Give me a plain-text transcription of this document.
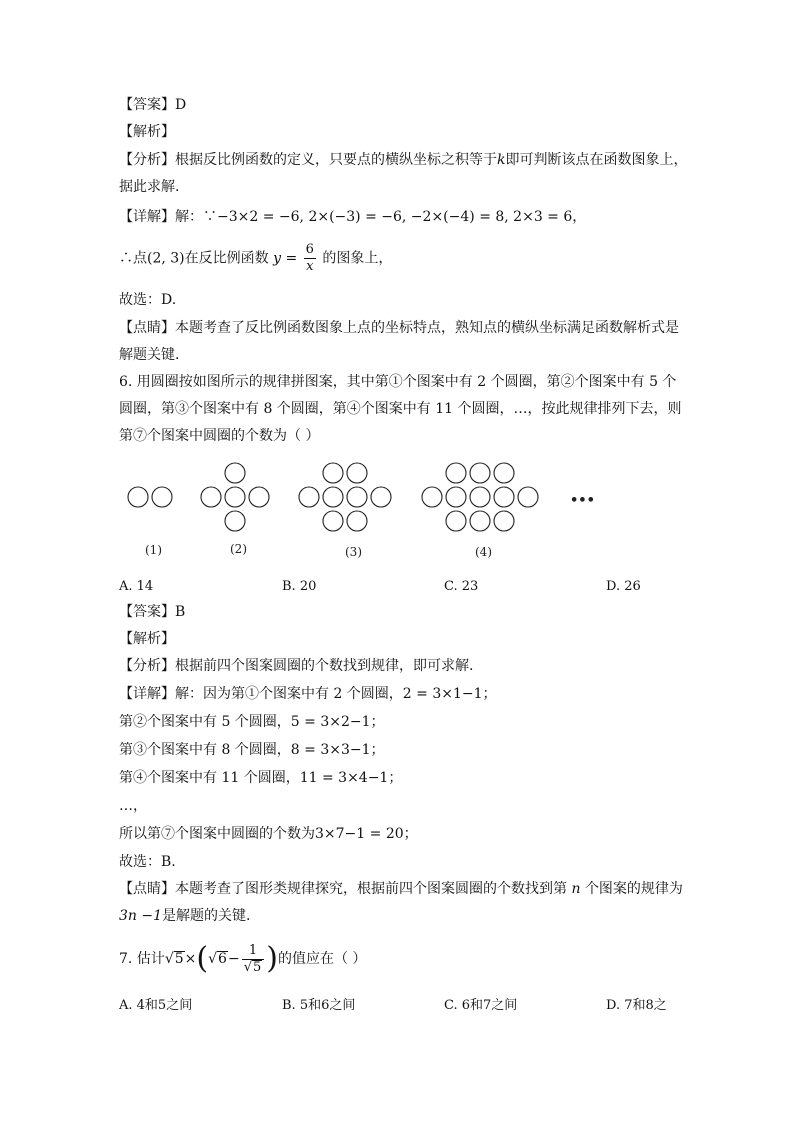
【答案】D
【解析】
【分析】根据反比例函数的定义，只要点的横纵坐标之积等于k即可判断该点在函数图象上，
据此求解.
【详解】解：∵−3×2 = −6, 2×(−3) = −6, −2×(−4) = 8, 2×3 = 6，
∴点(2, 3)在反比例函数 $y = \frac{6}{x}$ 的图象上，
故选：D.
【点睛】本题考查了反比例函数图象上点的坐标特点，熟知点的横纵坐标满足函数解析式是
解题关键.
6. 用圆圈按如图所示的规律拼图案，其中第①个图案中有 2 个圆圈，第②个图案中有 5 个
圆圈，第③个图案中有 8 个圆圈，第④个图案中有 11 个圆圈，…，按此规律排列下去，则
第⑦个图案中圆圈的个数为（ ）
•••
(1)	(2)	(3)	(4)
A. 14	B. 20	C. 23	D. 26
【答案】B
【解析】
【分析】根据前四个图案圆圈的个数找到规律，即可求解.
【详解】解：因为第①个图案中有 2 个圆圈，2 = 3×1−1；
第②个图案中有 5 个圆圈，5 = 3×2−1；
第③个图案中有 8 个圆圈，8 = 3×3−1；
第④个图案中有 11 个圆圈，11 = 3×4−1；
…，
所以第⑦个图案中圆圈的个数为3×7−1 = 20；
故选：B.
【点睛】本题考查了图形类规律探究，根据前四个图案圆圈的个数找到第 n 个图案的规律为
3n −1是解题的关键.
7. 估计$√5\times(√6- \frac{1}{√5}$ )的值应在（ ）
A. 4和5之间	B. 5和6之间	C. 6和7之间	D. 7和8之
